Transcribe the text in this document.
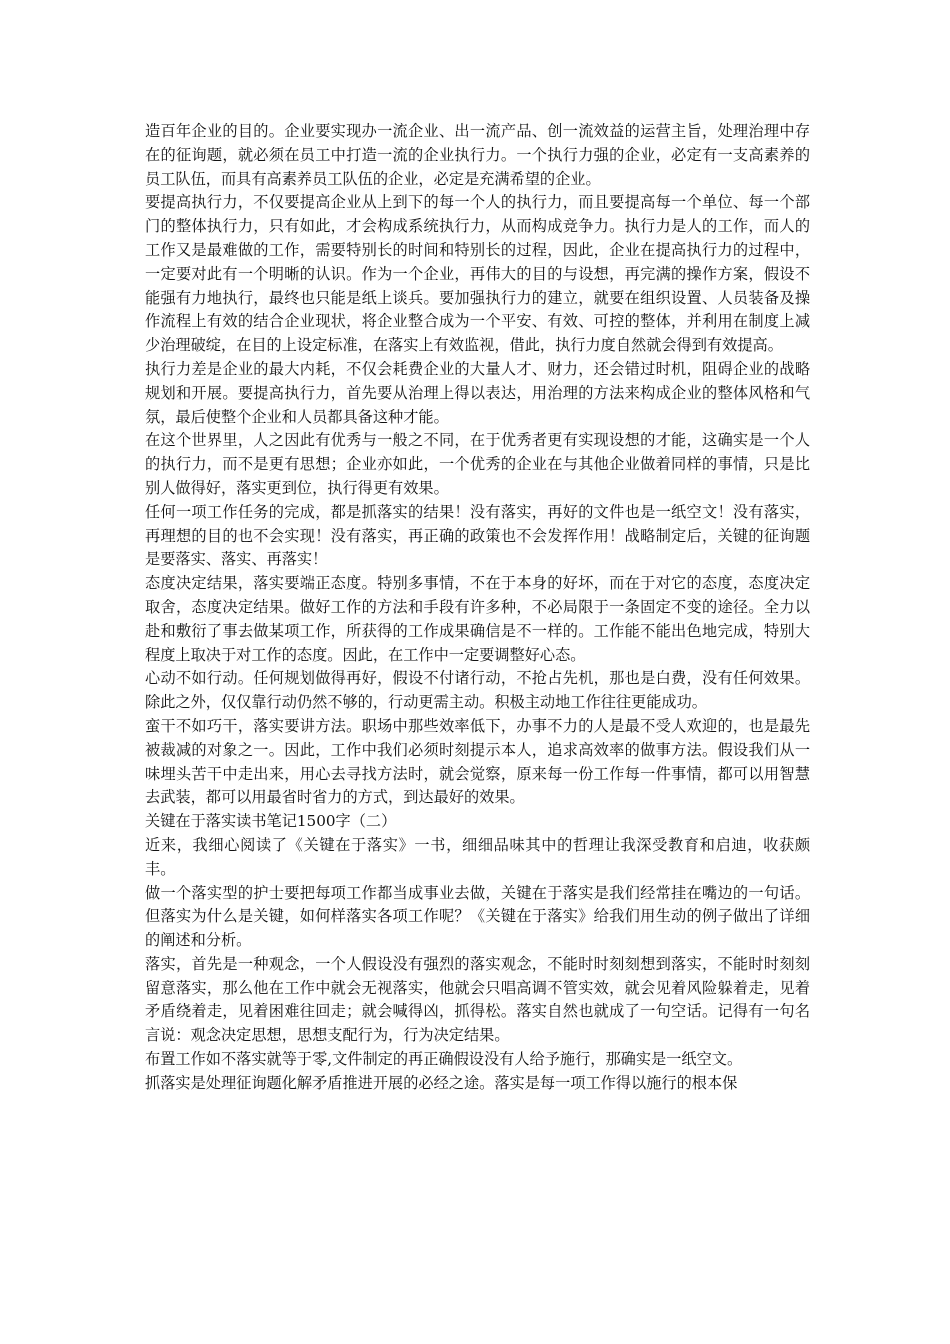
造百年企业的目的。企业要实现办一流企业、出一流产品、创一流效益的运营主旨，处理治理中存在的征询题，就必须在员工中打造一流的企业执行力。一个执行力强的企业，必定有一支高素养的员工队伍，而具有高素养员工队伍的企业，必定是充满希望的企业。

要提高执行力，不仅要提高企业从上到下的每一个人的执行力，而且要提高每一个单位、每一个部门的整体执行力，只有如此，才会构成系统执行力，从而构成竞争力。执行力是人的工作，而人的工作又是最难做的工作，需要特别长的时间和特别长的过程，因此，企业在提高执行力的过程中，一定要对此有一个明晰的认识。作为一个企业，再伟大的目的与设想，再完满的操作方案，假设不能强有力地执行，最终也只能是纸上谈兵。要加强执行力的建立，就要在组织设置、人员装备及操作流程上有效的结合企业现状，将企业整合成为一个平安、有效、可控的整体，并利用在制度上减少治理破绽，在目的上设定标准，在落实上有效监视，借此，执行力度自然就会得到有效提高。

执行力差是企业的最大内耗，不仅会耗费企业的大量人才、财力，还会错过时机，阻碍企业的战略规划和开展。要提高执行力，首先要从治理上得以表达，用治理的方法来构成企业的整体风格和气氛，最后使整个企业和人员都具备这种才能。

在这个世界里，人之因此有优秀与一般之不同，在于优秀者更有实现设想的才能，这确实是一个人的执行力，而不是更有思想；企业亦如此，一个优秀的企业在与其他企业做着同样的事情，只是比别人做得好，落实更到位，执行得更有效果。

任何一项工作任务的完成，都是抓落实的结果！没有落实，再好的文件也是一纸空文！没有落实，再理想的目的也不会实现！没有落实，再正确的政策也不会发挥作用！战略制定后，关键的征询题是要落实、落实、再落实！

态度决定结果，落实要端正态度。特别多事情，不在于本身的好坏，而在于对它的态度，态度决定取舍，态度决定结果。做好工作的方法和手段有许多种，不必局限于一条固定不变的途径。全力以赴和敷衍了事去做某项工作，所获得的工作成果确信是不一样的。工作能不能出色地完成，特别大程度上取决于对工作的态度。因此，在工作中一定要调整好心态。

心动不如行动。任何规划做得再好，假设不付诸行动，不抢占先机，那也是白费，没有任何效果。除此之外，仅仅靠行动仍然不够的，行动更需主动。积极主动地工作往往更能成功。

蛮干不如巧干，落实要讲方法。职场中那些效率低下，办事不力的人是最不受人欢迎的，也是最先被裁减的对象之一。因此，工作中我们必须时刻提示本人，追求高效率的做事方法。假设我们从一味埋头苦干中走出来，用心去寻找方法时，就会觉察，原来每一份工作每一件事情，都可以用智慧去武装，都可以用最省时省力的方式，到达最好的效果。

关键在于落实读书笔记1500字（二）

近来，我细心阅读了《关键在于落实》一书，细细品味其中的哲理让我深受教育和启迪，收获颇丰。

做一个落实型的护士要把每项工作都当成事业去做，关键在于落实是我们经常挂在嘴边的一句话。但落实为什么是关键，如何样落实各项工作呢？《关键在于落实》给我们用生动的例子做出了详细的阐述和分析。

落实，首先是一种观念，一个人假设没有强烈的落实观念，不能时时刻刻想到落实，不能时时刻刻留意落实，那么他在工作中就会无视落实，他就会只唱高调不管实效，就会见着风险躲着走，见着矛盾绕着走，见着困难往回走；就会喊得凶，抓得松。落实自然也就成了一句空话。记得有一句名言说：观念决定思想，思想支配行为，行为决定结果。

布置工作如不落实就等于零,文件制定的再正确假设没有人给予施行，那确实是一纸空文。

抓落实是处理征询题化解矛盾推进开展的必经之途。落实是每一项工作得以施行的根本保
